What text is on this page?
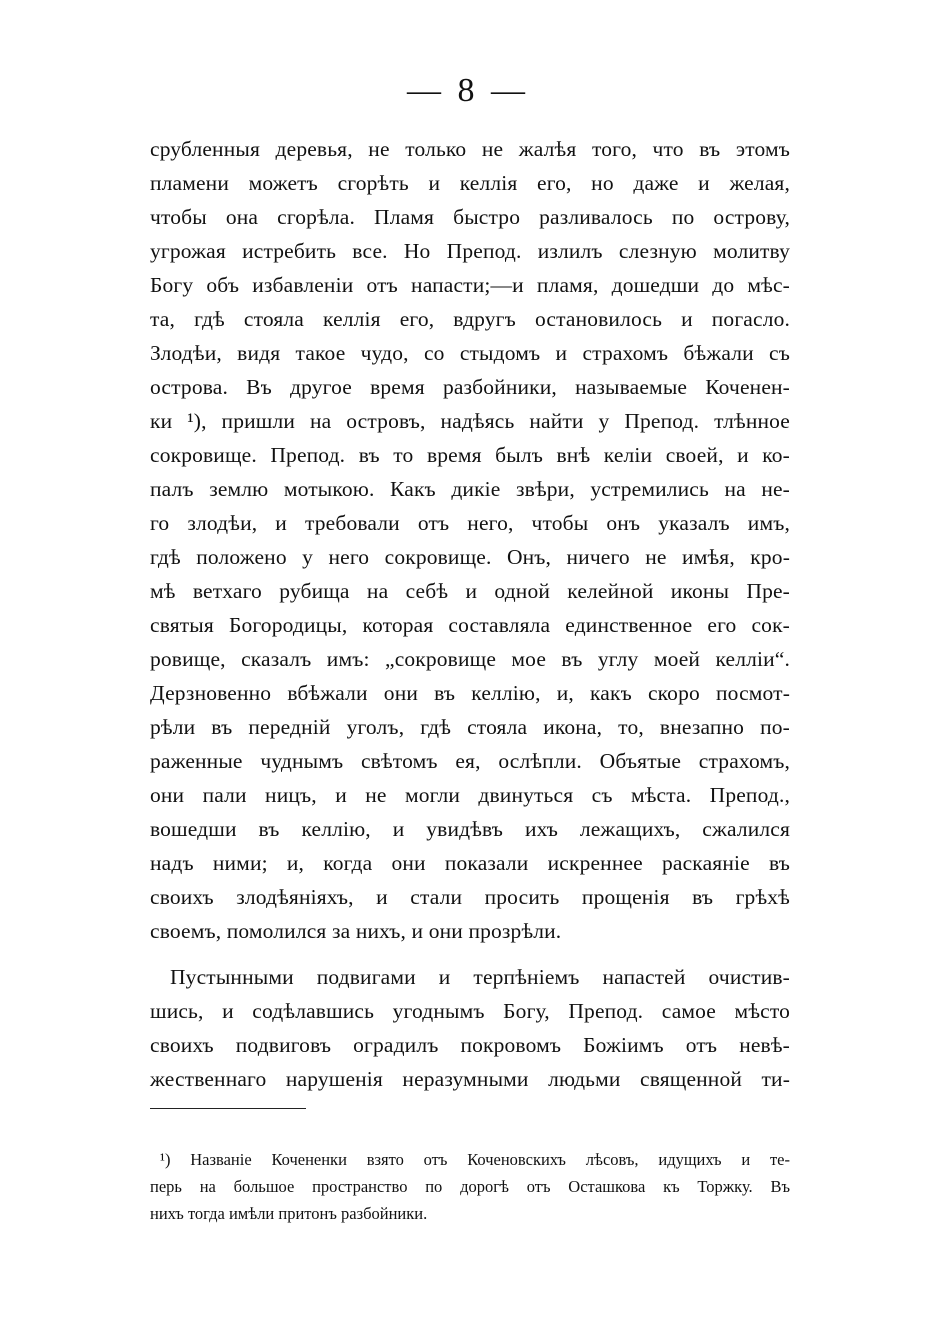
— 8 —
срубленныя деревья, не только не жалѣя того, что въ этомъ
пламени можетъ сгорѣть и келлія его, но даже и желая,
чтобы она сгорѣла. Пламя быстро разливалось по острову,
угрожая истребить все. Но Препод. излилъ слезную молитву
Богу объ избавленіи отъ напасти;—и пламя, дошедши до мѣс-
та, гдѣ стояла келлія его, вдругъ остановилось и погасло.
Злодѣи, видя такое чудо, со стыдомъ и страхомъ бѣжали съ
острова. Въ другое время разбойники, называемые Коченен-
ки ¹), пришли на островъ, надѣясь найти у Препод. тлѣнное
сокровище. Препод. въ то время былъ внѣ келіи своей, и ко-
палъ землю мотыкою. Какъ дикіе звѣри, устремились на не-
го злодѣи, и требовали отъ него, чтобы онъ указалъ имъ,
гдѣ положено у него сокровище. Онъ, ничего не имѣя, кро-
мѣ ветхаго рубища на себѣ и одной келейной иконы Пре-
святыя Богородицы, которая составляла единственное его сок-
ровище, сказалъ имъ: „сокровище мое въ углу моей келліи“.
Дерзновенно вбѣжали они въ келлію, и, какъ скоро посмот-
рѣли въ передній уголъ, гдѣ стояла икона, то, внезапно по-
раженные чуднымъ свѣтомъ ея, ослѣпли. Объятые страхомъ,
они пали ницъ, и не могли двинуться съ мѣста. Препод.,
вошедши въ келлію, и увидѣвъ ихъ лежащихъ, сжалился
надъ ними; и, когда они показали искреннее раскаяніе въ
своихъ злодѣяніяхъ, и стали просить прощенія въ грѣхѣ
своемъ, помолился за нихъ, и они прозрѣли.
Пустынными подвигами и терпѣніемъ напастей очистив-
шись, и содѣлавшись угоднымъ Богу, Препод. самое мѣсто
своихъ подвиговъ оградилъ покровомъ Божіимъ отъ невѣ-
жественнаго нарушенія неразумными людьми священной ти-
¹) Названіе Кочененки взято отъ Коченовскихъ лѣсовъ, идущихъ и те-
перь на большое пространство по дорогѣ отъ Осташкова къ Торжку. Въ
нихъ тогда имѣли притонъ разбойники.
